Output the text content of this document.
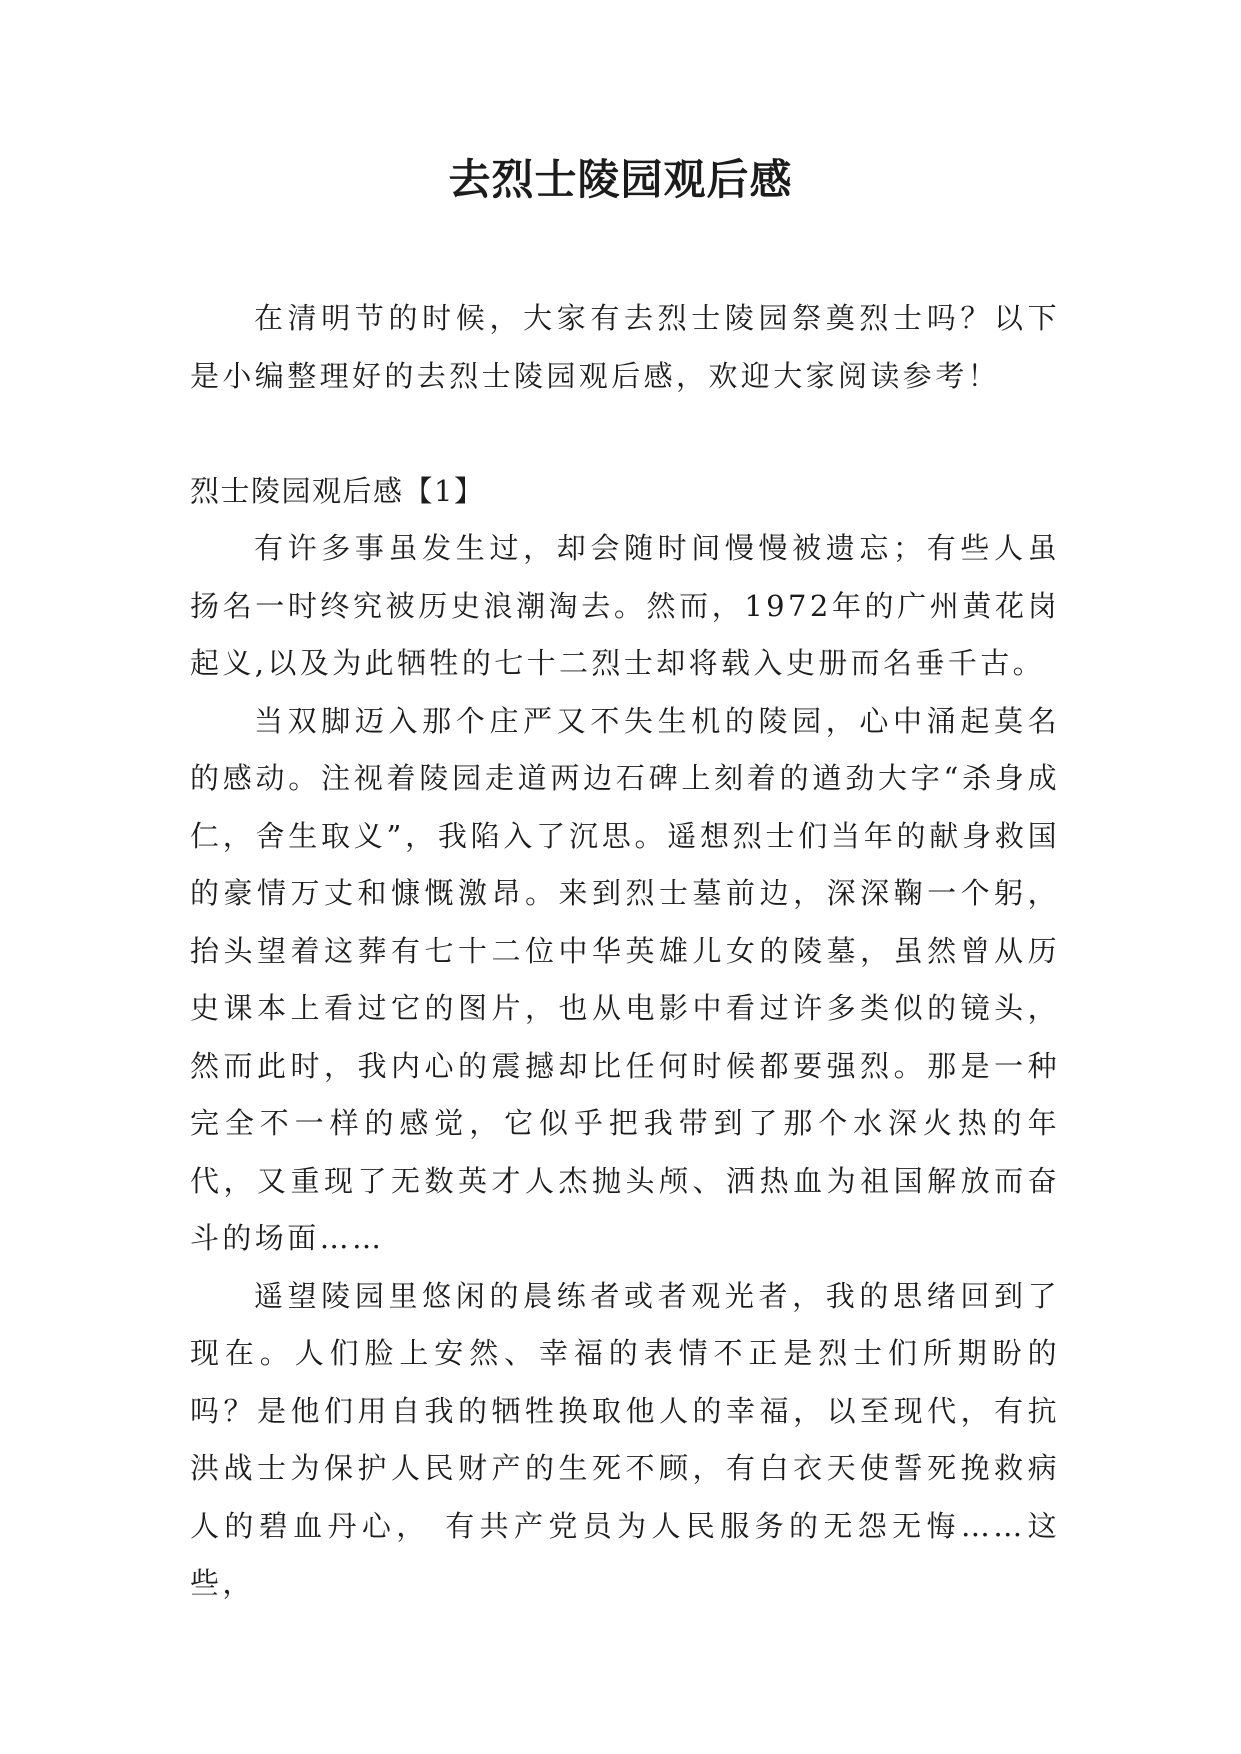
去烈士陵园观后感

在清明节的时候，大家有去烈士陵园祭奠烈士吗？以下是小编整理好的去烈士陵园观后感，欢迎大家阅读参考！

烈士陵园观后感【1】

有许多事虽发生过，却会随时间慢慢被遗忘；有些人虽扬名一时终究被历史浪潮淘去。然而，1972年的广州黄花岗起义,以及为此牺牲的七十二烈士却将载入史册而名垂千古。

当双脚迈入那个庄严又不失生机的陵园，心中涌起莫名的感动。注视着陵园走道两边石碑上刻着的遒劲大字“杀身成仁，舍生取义”，我陷入了沉思。遥想烈士们当年的献身救国的豪情万丈和慷慨激昂。来到烈士墓前边，深深鞠一个躬，抬头望着这葬有七十二位中华英雄儿女的陵墓，虽然曾从历史课本上看过它的图片，也从电影中看过许多类似的镜头，然而此时，我内心的震撼却比任何时候都要强烈。那是一种完全不一样的感觉，它似乎把我带到了那个水深火热的年代，又重现了无数英才人杰抛头颅、洒热血为祖国解放而奋斗的场面……

遥望陵园里悠闲的晨练者或者观光者，我的思绪回到了现在。人们脸上安然、幸福的表情不正是烈士们所期盼的吗？是他们用自我的牺牲换取他人的幸福，以至现代，有抗洪战士为保护人民财产的生死不顾，有白衣天使誓死挽救病人的碧血丹心， 有共产党员为人民服务的无怨无悔……这些，
